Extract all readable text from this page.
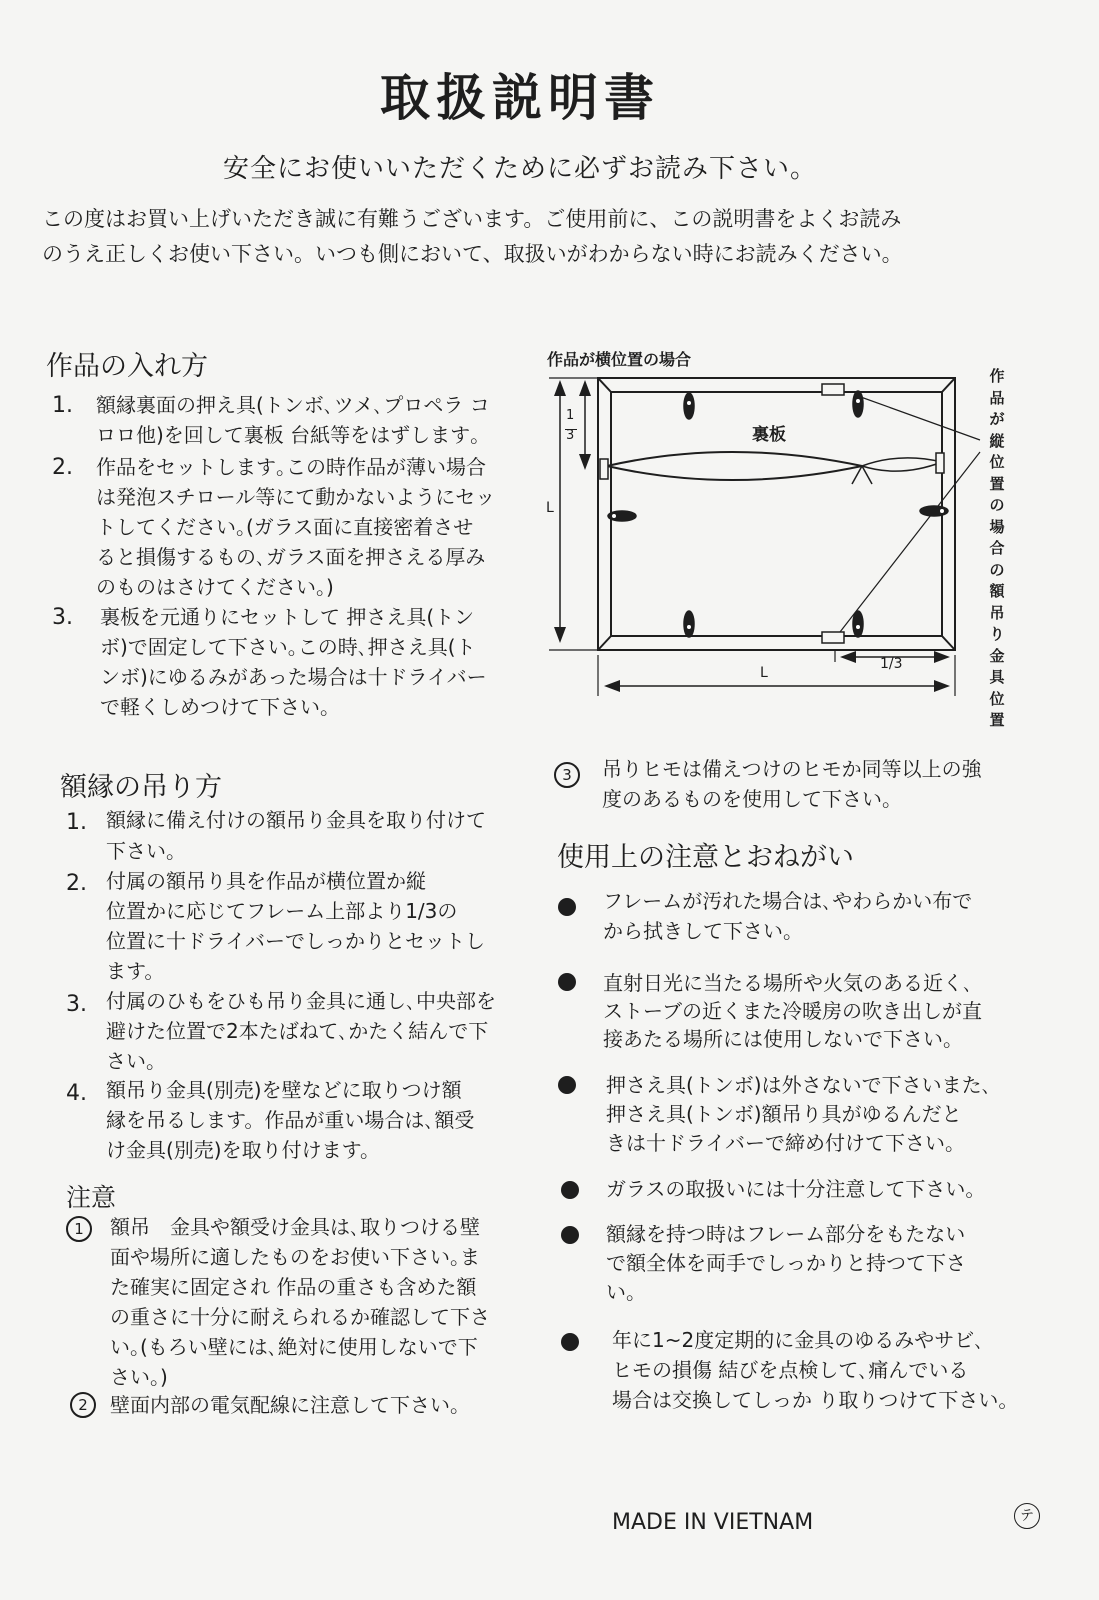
取扱説明書
安全にお使いいただくために必ずお読み下さい。
この度はお買い上げいただき誠に有難うございます。ご使用前に、この説明書をよくお読み
のうえ正しくお使い下さい。いつも側において、取扱いがわからない時にお読みください。
作品の入れ方
1.
2.
3.
額縁裏面の押え具(トンボ､ツメ､プロペラ コ
ロロ他)を回して裏板 台紙等をはずします｡
作品をセットします｡この時作品が薄い場合
は発泡スチロール等にて動かないようにセッ
トしてください｡(ガラス面に直接密着させ
ると損傷するもの､ガラス面を押さえる厚み
のものはさけてください｡)
裏板を元通りにセットして 押さえ具(トン
ボ)で固定して下さい｡この時､押さえ具(ト
ンボ)にゆるみがあった場合は十ドライバー
で軽くしめつけて下さい｡
作品が横位置の場合
裏板
1
3
L
L
1/3
作品が縦位置の場合の額吊り金具位置
額縁の吊り方
1.
2.
3.
4.
額縁に備え付けの額吊り金具を取り付けて
下さい。
付属の額吊り具を作品が横位置か縦
位置かに応じてフレーム上部より1/3の
位置に十ドライバーでしっかりとセットし
ます。
付属のひもをひも吊り金具に通し､中央部を
避けた位置で2本たばねて､かたく結んで下
さい。
額吊り金具(別売)を壁などに取りつけ額
縁を吊るします。作品が重い場合は､額受
け金具(別売)を取り付けます。
注意
1
2
額吊　金具や額受け金具は､取りつける壁
面や場所に適したものをお使い下さい｡ま
た確実に固定され 作品の重さも含めた額
の重さに十分に耐えられるか確認して下さ
い｡(もろい壁には､絶対に使用しないで下
さい。)
壁面内部の電気配線に注意して下さい｡
3	吊りヒモは備えつけのヒモか同等以上の強
度のあるものを使用して下さい。
使用上の注意とおねがい
フレームが汚れた場合は､やわらかい布で
から拭きして下さい｡
直射日光に当たる場所や火気のある近く､
ストーブの近くまた冷暖房の吹き出しが直
接あたる場所には使用しないで下さい｡
押さえ具(トンボ)は外さないで下さいまた､
押さえ具(トンボ)額吊り具がゆるんだと
きは十ドライバーで締め付けて下さい｡
ガラスの取扱いには十分注意して下さい｡
額縁を持つ時はフレーム部分をもたない
で額全体を両手でしっかりと持つて下さ
い｡
年に1~2度定期的に金具のゆるみやサビ､
ヒモの損傷 結びを点検して､痛んでいる
場合は交換してしっか り取りつけて下さい｡
MADE IN VIETNAM	テ
